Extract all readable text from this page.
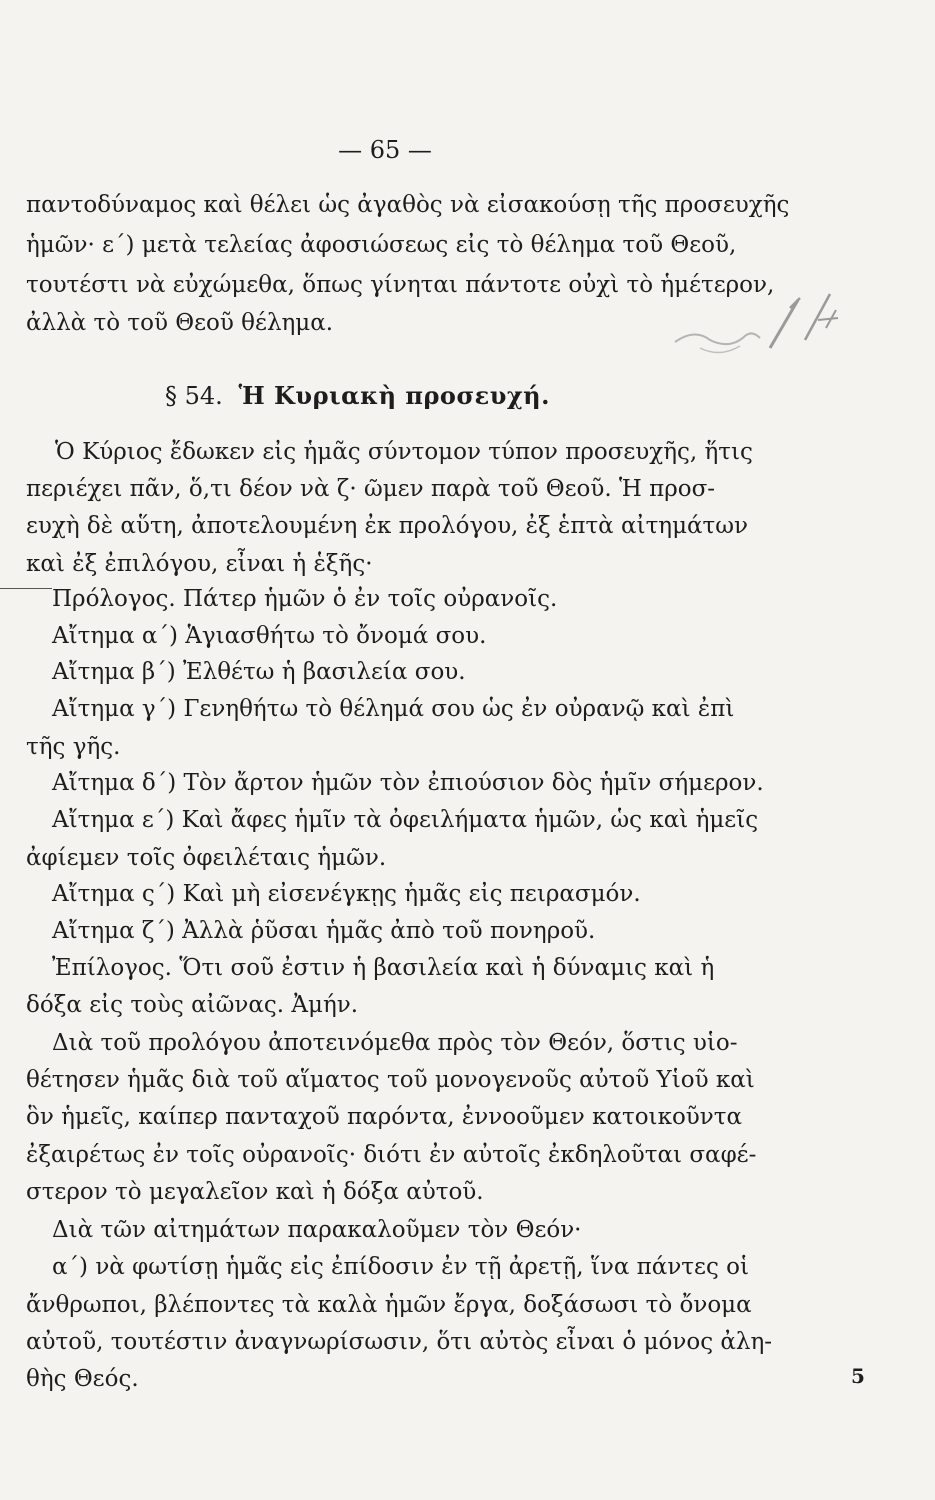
— 65 —
παντοδύναμος καὶ θέλει ὡς ἀγαθὸς νὰ εἰσακούσῃ τῆς προσευχῆς
ἡμῶν· ε΄) μετὰ τελείας ἀφοσιώσεως εἰς τὸ θέλημα τοῦ Θεοῦ,
τουτέστι νὰ εὐχώμεθα, ὅπως γίνηται πάντοτε οὐχὶ τὸ ἡμέτερον,
ἀλλὰ τὸ τοῦ Θεοῦ θέλημα.
§ 54. Ἡ Κυριακὴ προσευχή.
Ὁ Κύριος ἔδωκεν εἰς ἡμᾶς σύντομον τύπον προσευχῆς, ἥτις
περιέχει πᾶν, ὅ,τι δέον νὰ ζ· ῶμεν παρὰ τοῦ Θεοῦ. Ἡ προσ-
ευχὴ δὲ αὕτη, ἀποτελουμένη ἐκ προλόγου, ἐξ ἑπτὰ αἰτημάτων
καὶ ἐξ ἐπιλόγου, εἶναι ἡ ἑξῆς·
Πρόλογος. Πάτερ ἡμῶν ὁ ἐν τοῖς οὐρανοῖς.
Αἴτημα α΄) Ἁγιασθήτω τὸ ὄνομά σου.
Αἴτημα β΄) Ἐλθέτω ἡ βασιλεία σου.
Αἴτημα γ΄) Γενηθήτω τὸ θέλημά σου ὡς ἐν οὐρανῷ καὶ ἐπὶ
τῆς γῆς.
Αἴτημα δ΄) Τὸν ἄρτον ἡμῶν τὸν ἐπιούσιον δὸς ἡμῖν σήμερον.
Αἴτημα ε΄) Καὶ ἄφες ἡμῖν τὰ ὀφειλήματα ἡμῶν, ὡς καὶ ἡμεῖς
ἀφίεμεν τοῖς ὀφειλέταις ἡμῶν.
Αἴτημα ς΄) Καὶ μὴ εἰσενέγκῃς ἡμᾶς εἰς πειρασμόν.
Αἴτημα ζ΄) Ἀλλὰ ῥῦσαι ἡμᾶς ἀπὸ τοῦ πονηροῦ.
Ἐπίλογος. Ὅτι σοῦ ἐστιν ἡ βασιλεία καὶ ἡ δύναμις καὶ ἡ
δόξα εἰς τοὺς αἰῶνας. Ἀμήν.
Διὰ τοῦ προλόγου ἀποτεινόμεθα πρὸς τὸν Θεόν, ὅστις υἱο-
θέτησεν ἡμᾶς διὰ τοῦ αἵματος τοῦ μονογενοῦς αὐτοῦ Υἱοῦ καὶ
ὃν ἡμεῖς, καίπερ πανταχοῦ παρόντα, ἐννοοῦμεν κατοικοῦντα
ἐξαιρέτως ἐν τοῖς οὐρανοῖς· διότι ἐν αὐτοῖς ἐκδηλοῦται σαφέ-
στερον τὸ μεγαλεῖον καὶ ἡ δόξα αὐτοῦ.
Διὰ τῶν αἰτημάτων παρακαλοῦμεν τὸν Θεόν·
α΄) νὰ φωτίσῃ ἡμᾶς εἰς ἐπίδοσιν ἐν τῇ ἀρετῇ, ἵνα πάντες οἱ
ἄνθρωποι, βλέποντες τὰ καλὰ ἡμῶν ἔργα, δοξάσωσι τὸ ὄνομα
αὐτοῦ, τουτέστιν ἀναγνωρίσωσιν, ὅτι αὐτὸς εἶναι ὁ μόνος ἀλη-
θὴς Θεός.	5
